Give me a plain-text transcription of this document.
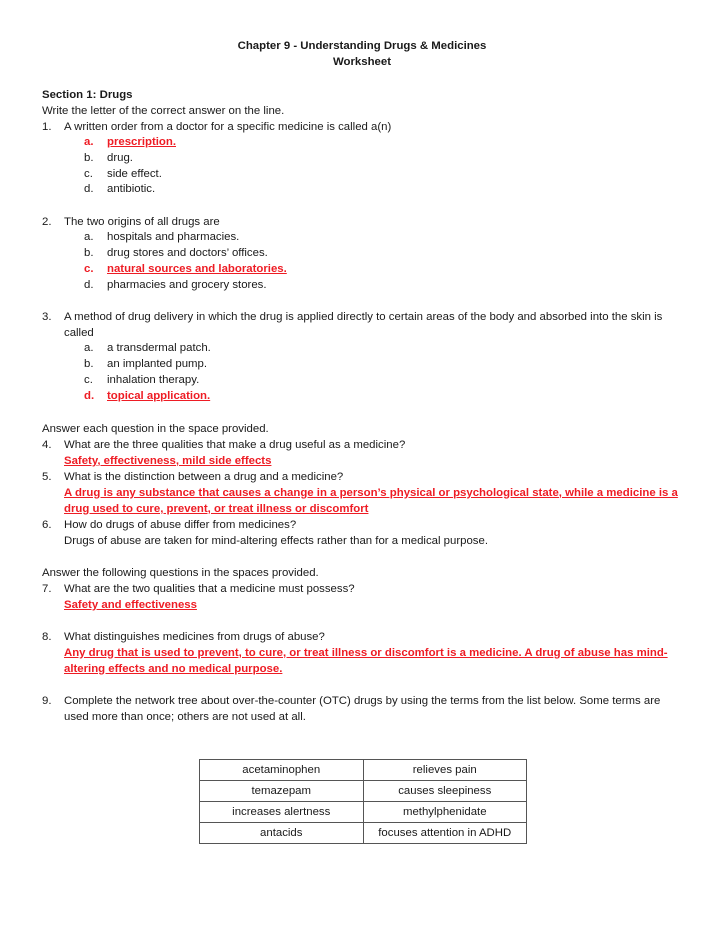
Chapter 9 - Understanding Drugs & Medicines
Worksheet
Section 1: Drugs
Write the letter of the correct answer on the line.
1.	A written order from a doctor for a specific medicine is called a(n)
a.	prescription.
b.	drug.
c.	side effect.
d.	antibiotic.
2.	The two origins of all drugs are
a.	hospitals and pharmacies.
b.	drug stores and doctors’ offices.
c.	natural sources and laboratories.
d.	pharmacies and grocery stores.
3.	A method of drug delivery in which the drug is applied directly to certain areas of the body and absorbed into the skin is called
a.	a transdermal patch.
b.	an implanted pump.
c.	inhalation therapy.
d.	topical application.
Answer each question in the space provided.
4.	What are the three qualities that make a drug useful as a medicine?
Safety, effectiveness, mild side effects
5.	What is the distinction between a drug and a medicine?
A drug is any substance that causes a change in a person’s physical or psychological state, while a medicine is a drug used to cure, prevent, or treat illness or discomfort
6.	How do drugs of abuse differ from medicines?
Drugs of abuse are taken for mind-altering effects rather than for a medical purpose.
Answer the following questions in the spaces provided.
7.	What are the two qualities that a medicine must possess?
Safety and effectiveness
8.	What distinguishes medicines from drugs of abuse?
Any drug that is used to prevent, to cure, or treat illness or discomfort is a medicine. A drug of abuse has mind-altering effects and no medical purpose.
9.	Complete the network tree about over-the-counter (OTC) drugs by using the terms from the list below. Some terms are used more than once; others are not used at all.
acetaminophen	relieves pain
temazepam	causes sleepiness
increases alertness	methylphenidate
antacids	focuses attention in ADHD
